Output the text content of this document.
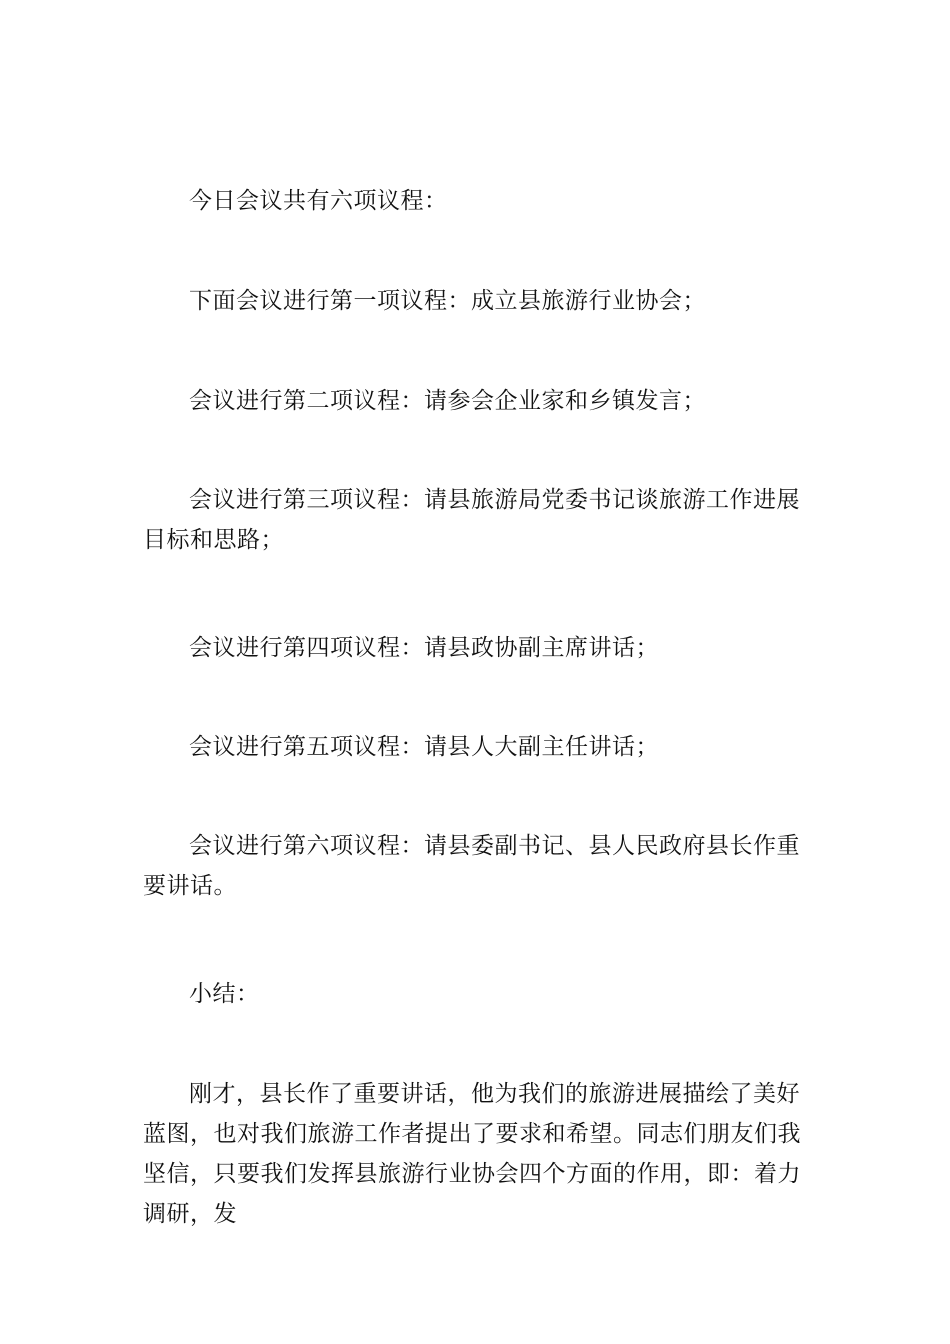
今日会议共有六项议程：

下面会议进行第一项议程：成立县旅游行业协会；

会议进行第二项议程：请参会企业家和乡镇发言；

会议进行第三项议程：请县旅游局党委书记谈旅游工作进展目标和思路；

会议进行第四项议程：请县政协副主席讲话；

会议进行第五项议程：请县人大副主任讲话；

会议进行第六项议程：请县委副书记、县人民政府县长作重要讲话。

小结：

刚才，县长作了重要讲话，他为我们的旅游进展描绘了美好蓝图，也对我们旅游工作者提出了要求和希望。同志们朋友们我坚信，只要我们发挥县旅游行业协会四个方面的作用，即：着力调研，发
